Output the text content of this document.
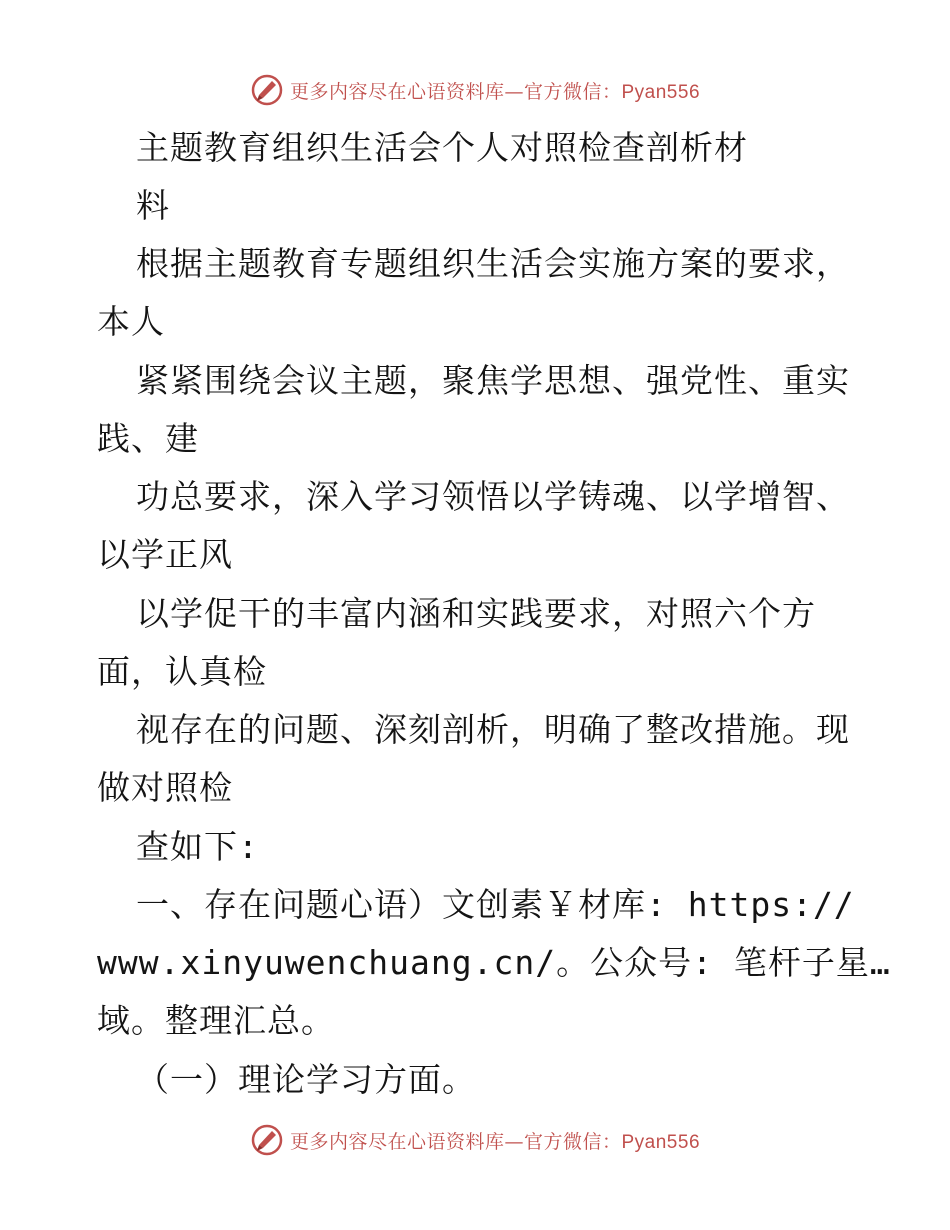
更多内容尽在心语资料库—官方微信：Pyan556
主题教育组织生活会个人对照检查剖析材
料
根据主题教育专题组织生活会实施方案的要求，
本人
紧紧围绕会议主题，聚焦学思想、强党性、重实
践、建
功总要求，深入学习领悟以学铸魂、以学增智、
以学正风
以学促干的丰富内涵和实践要求，对照六个方
面，认真检
视存在的问题、深刻剖析，明确了整改措施。现
做对照检
查如下:
一、存在问题心语）文创素￥材库: https://
www.xinyuwenchuang.cn/。公众号: 笔杆子星…
域。整理汇总。
（一）理论学习方面。
更多内容尽在心语资料库—官方微信：Pyan556
